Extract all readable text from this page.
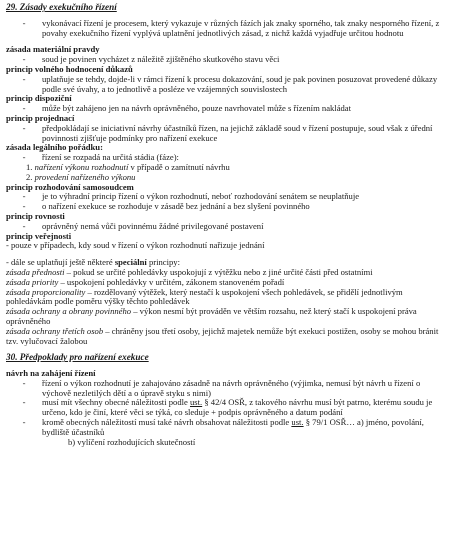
29. Zásady exekučního řízení

-	vykonávací řízení je procesem, který vykazuje v různých fázích jak znaky sporného, tak znaky nesporného řízení, z povahy exekučního řízení vyplývá uplatnění jednotlivých zásad, z nichž každá vyjadřuje určitou hodnotu

zásada materiální pravdy

-	soud je povinen vycházet z náležitě zjištěného skutkového stavu věci

princip volného hodnocení důkazů

-	uplatňuje se tehdy, dojde-li v rámci řízení k procesu dokazování, soud je pak povinen posuzovat provedené důkazy podle své úvahy, a to jednotlivě a posléze ve vzájemných souvislostech

princip dispoziční

-	může být zahájeno jen na návrh oprávněného, pouze navrhovatel může s řízením nakládat

princip projednací

-	předpokládají se iniciativní návrhy účastníků řízen, na jejichž základě soud v řízení postupuje, soud však z úřední povinnosti zjišťuje podmínky pro nařízení exekuce

zásada legálního pořádku:

-	řízení se rozpadá na určitá stádia (fáze):

1. nařízení výkonu rozhodnutí v případě o zamítnutí návrhu

2. provedení nařízeného výkonu

princip rozhodování samosoudcem

-	je to výhradní princip řízení o výkon rozhodnutí, neboť rozhodování senátem se neuplatňuje
-	o nařízení exekuce se rozhoduje v zásadě bez jednání a bez slyšení povinného

princip rovnosti

-	oprávněný nemá vůči povinnému žádné privilegované postavení

princip veřejnosti

- pouze v případech, kdy soud v řízení o výkon rozhodnutí nařizuje jednání

- dále se uplatňují ještě některé speciální principy:

zásada přednosti – pokud se určité pohledávky uspokojují z výtěžku nebo z jiné určité části před ostatními

zásada priority – uspokojení pohledávky v určitém, zákonem stanoveném pořadí

zásada proporcionality – rozdělovaný výtěžek, který nestačí k uspokojení všech pohledávek, se přidělí jednotlivým pohledávkám podle poměru výšky těchto pohledávek

zásada ochrany a obrany povinného – výkon nesmí být prováděn ve větším rozsahu, než který stačí k uspokojení práva oprávněného

zásada ochrany třetích osob – chráněny jsou třetí osoby, jejichž majetek nemůže být exekuci postižen, osoby se mohou bránit tzv. vylučovací žalobou

30. Předpoklady pro nařízení exekuce

návrh na zahájení řízení

-	řízení o výkon rozhodnutí je zahajováno zásadně na návrh oprávněného (výjimka, nemusí být návrh u řízení o výchově nezletilých dětí a o úpravě styku s nimi)
-	musí mít všechny obecné náležitosti podle ust. § 42/4 OSŘ, z takového návrhu musí být patrno, kterému soudu je určeno, kdo je činí, které věci se týká, co sleduje + podpis oprávněného a datum podání
-	kromě obecných náležitostí musí také návrh obsahovat náležitosti podle ust. § 79/1 OSŘ… a) jméno, povolání, bydliště účastníků

b) vylíčení rozhodujících skutečností
